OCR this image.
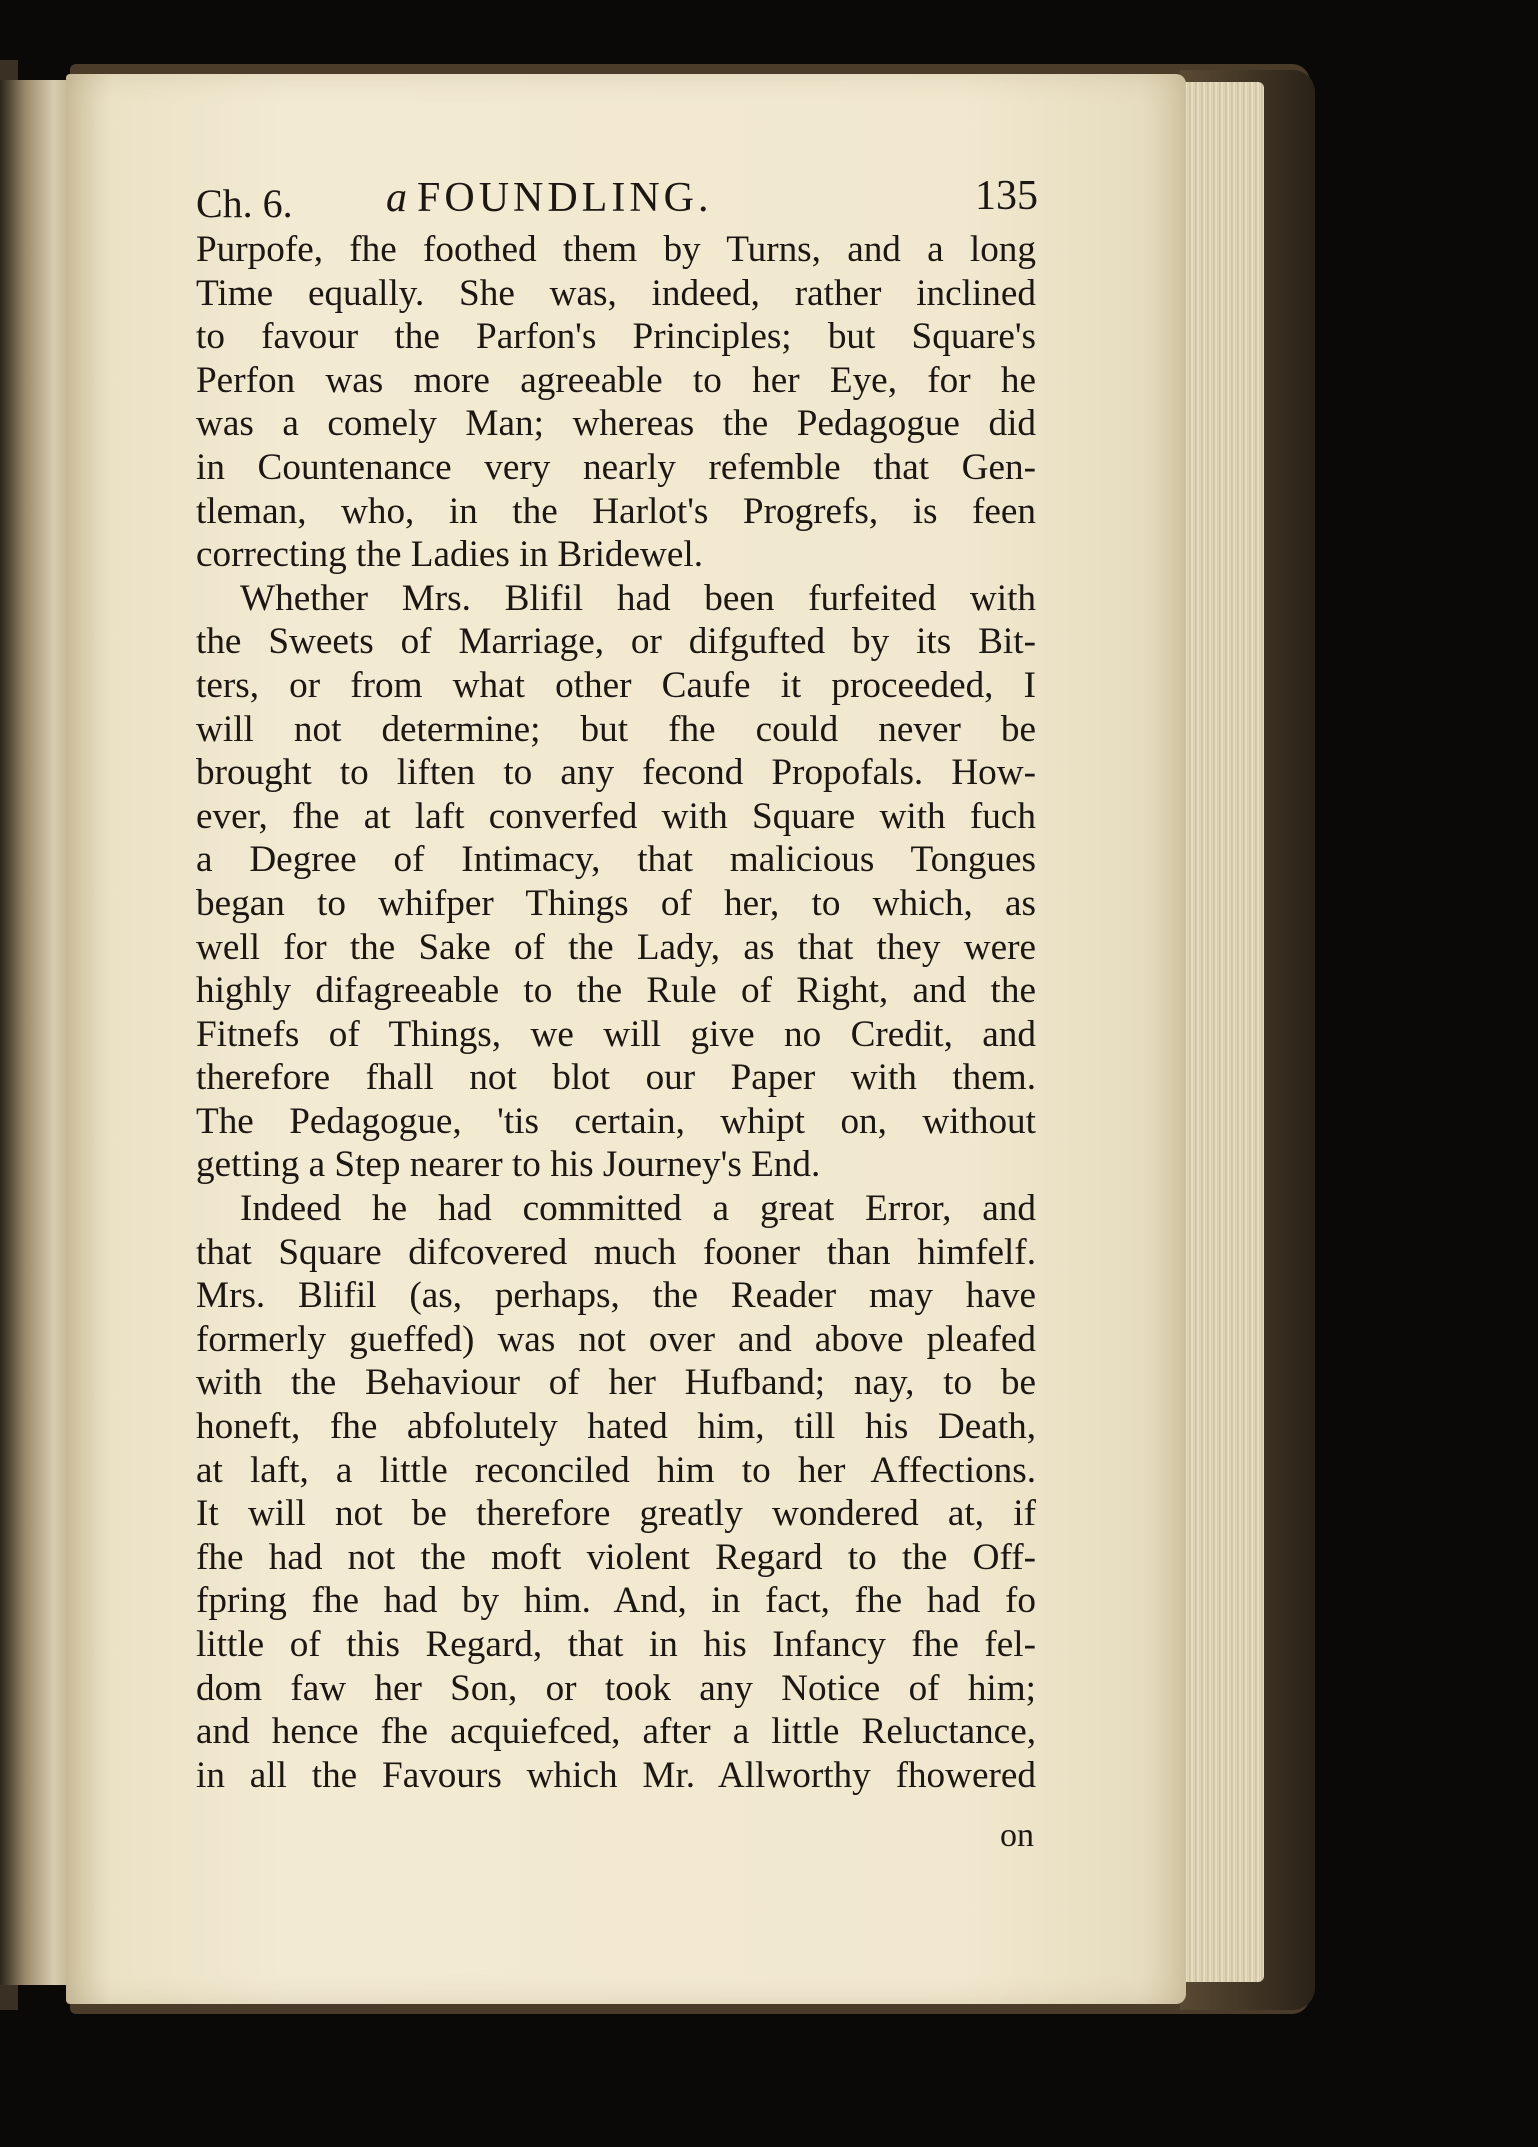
Ch. 6. a FOUNDLING.	135
Purpofe, fhe foothed them by Turns, and a long
Time equally. She was, indeed, rather inclined
to favour the Parfon's Principles; but Square's
Perfon was more agreeable to her Eye, for he
was a comely Man; whereas the Pedagogue did
in Countenance very nearly refemble that Gen-
tleman, who, in the Harlot's Progrefs, is feen
correcting the Ladies in Bridewel.
Whether Mrs. Blifil had been furfeited with
the Sweets of Marriage, or difgufted by its Bit-
ters, or from what other Caufe it proceeded, I
will not determine; but fhe could never be
brought to liften to any fecond Propofals. How-
ever, fhe at laft converfed with Square with fuch
a Degree of Intimacy, that malicious Tongues
began to whifper Things of her, to which, as
well for the Sake of the Lady, as that they were
highly difagreeable to the Rule of Right, and the
Fitnefs of Things, we will give no Credit, and
therefore fhall not blot our Paper with them.
The Pedagogue, 'tis certain, whipt on, without
getting a Step nearer to his Journey's End.
Indeed he had committed a great Error, and
that Square difcovered much fooner than himfelf.
Mrs. Blifil (as, perhaps, the Reader may have
formerly gueffed) was not over and above pleafed
with the Behaviour of her Hufband; nay, to be
honeft, fhe abfolutely hated him, till his Death,
at laft, a little reconciled him to her Affections.
It will not be therefore greatly wondered at, if
fhe had not the moft violent Regard to the Off-
fpring fhe had by him. And, in fact, fhe had fo
little of this Regard, that in his Infancy fhe fel-
dom faw her Son, or took any Notice of him;
and hence fhe acquiefced, after a little Reluctance,
in all the Favours which Mr. Allworthy fhowered
on
